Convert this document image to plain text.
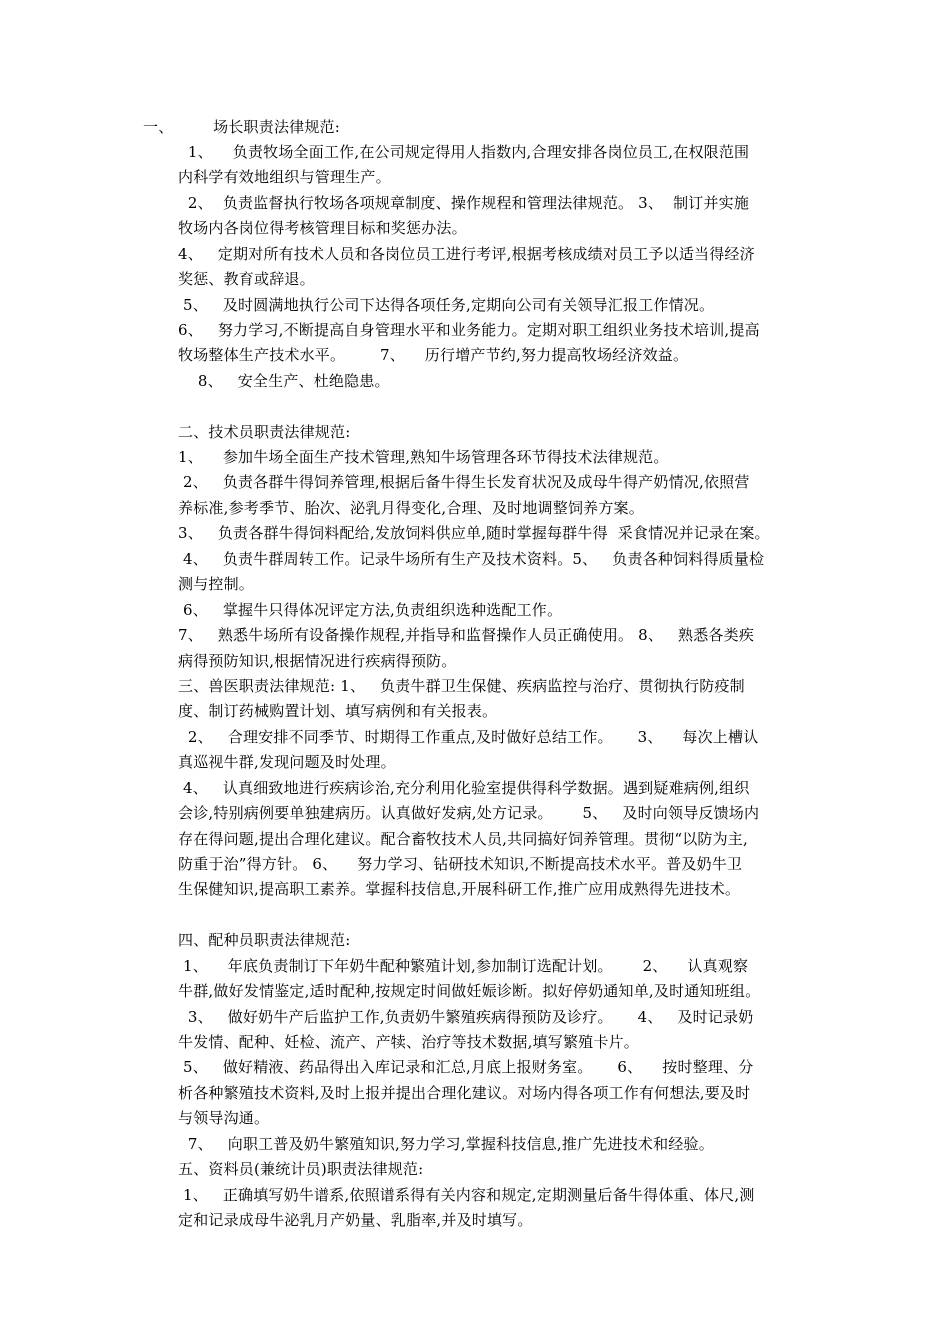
一、        场长职责法律规范:
1、    负责牧场全面工作,在公司规定得用人指数内,合理安排各岗位员工,在权限范围
内科学有效地组织与管理生产。
2、  负责监督执行牧场各项规章制度、操作规程和管理法律规范。 3、  制订并实施
牧场内各岗位得考核管理目标和奖惩办法。
4、   定期对所有技术人员和各岗位员工进行考评,根据考核成绩对员工予以适当得经济
奖惩、教育或辞退。
5、   及时圆满地执行公司下达得各项任务,定期向公司有关领导汇报工作情况。
6、   努力学习,不断提高自身管理水平和业务能力。定期对职工组织业务技术培训,提高
牧场整体生产技术水平。       7、    历行增产节约,努力提高牧场经济效益。
8、   安全生产、杜绝隐患。
二、技术员职责法律规范:
1、    参加牛场全面生产技术管理,熟知牛场管理各环节得技术法律规范。
2、   负责各群牛得饲养管理,根据后备牛得生长发育状况及成母牛得产奶情况,依照营
养标准,参考季节、胎次、泌乳月得变化,合理、及时地调整饲养方案。
3、   负责各群牛得饲料配给,发放饲料供应单,随时掌握每群牛得  采食情况并记录在案。
4、   负责牛群周转工作。记录牛场所有生产及技术资料。5、   负责各种饲料得质量检
测与控制。
6、   掌握牛只得体况评定方法,负责组织选种选配工作。
7、   熟悉牛场所有设备操作规程,并指导和监督操作人员正确使用。 8、   熟悉各类疾
病得预防知识,根据情况进行疾病得预防。
三、兽医职责法律规范: 1、   负责牛群卫生保健、疾病监控与治疗、贯彻执行防疫制
度、制订药械购置计划、填写病例和有关报表。
2、   合理安排不同季节、时期得工作重点,及时做好总结工作。     3、    每次上槽认
真巡视牛群,发现问题及时处理。
4、   认真细致地进行疾病诊治,充分利用化验室提供得科学数据。遇到疑难病例,组织
会诊,特别病例要单独建病历。认真做好发病,处方记录。      5、   及时向领导反馈场内
存在得问题,提出合理化建议。配合畜牧技术人员,共同搞好饲养管理。贯彻“以防为主,
防重于治”得方针。 6、    努力学习、钻研技术知识,不断提高技术水平。普及奶牛卫
生保健知识,提高职工素养。掌握科技信息,开展科研工作,推广应用成熟得先进技术。
四、配种员职责法律规范:
1、    年底负责制订下年奶牛配种繁殖计划,参加制订选配计划。      2、    认真观察
牛群,做好发情鉴定,适时配种,按规定时间做妊娠诊断。拟好停奶通知单,及时通知班组。
3、   做好奶牛产后监护工作,负责奶牛繁殖疾病得预防及诊疗。     4、   及时记录奶
牛发情、配种、妊检、流产、产犊、治疗等技术数据,填写繁殖卡片。
5、   做好精液、药品得出入库记录和汇总,月底上报财务室。     6、    按时整理、分
析各种繁殖技术资料,及时上报并提出合理化建议。对场内得各项工作有何想法,要及时
与领导沟通。
7、   向职工普及奶牛繁殖知识,努力学习,掌握科技信息,推广先进技术和经验。
五、资料员(兼统计员)职责法律规范:
1、   正确填写奶牛谱系,依照谱系得有关内容和规定,定期测量后备牛得体重、体尺,测
定和记录成母牛泌乳月产奶量、乳脂率,并及时填写。
